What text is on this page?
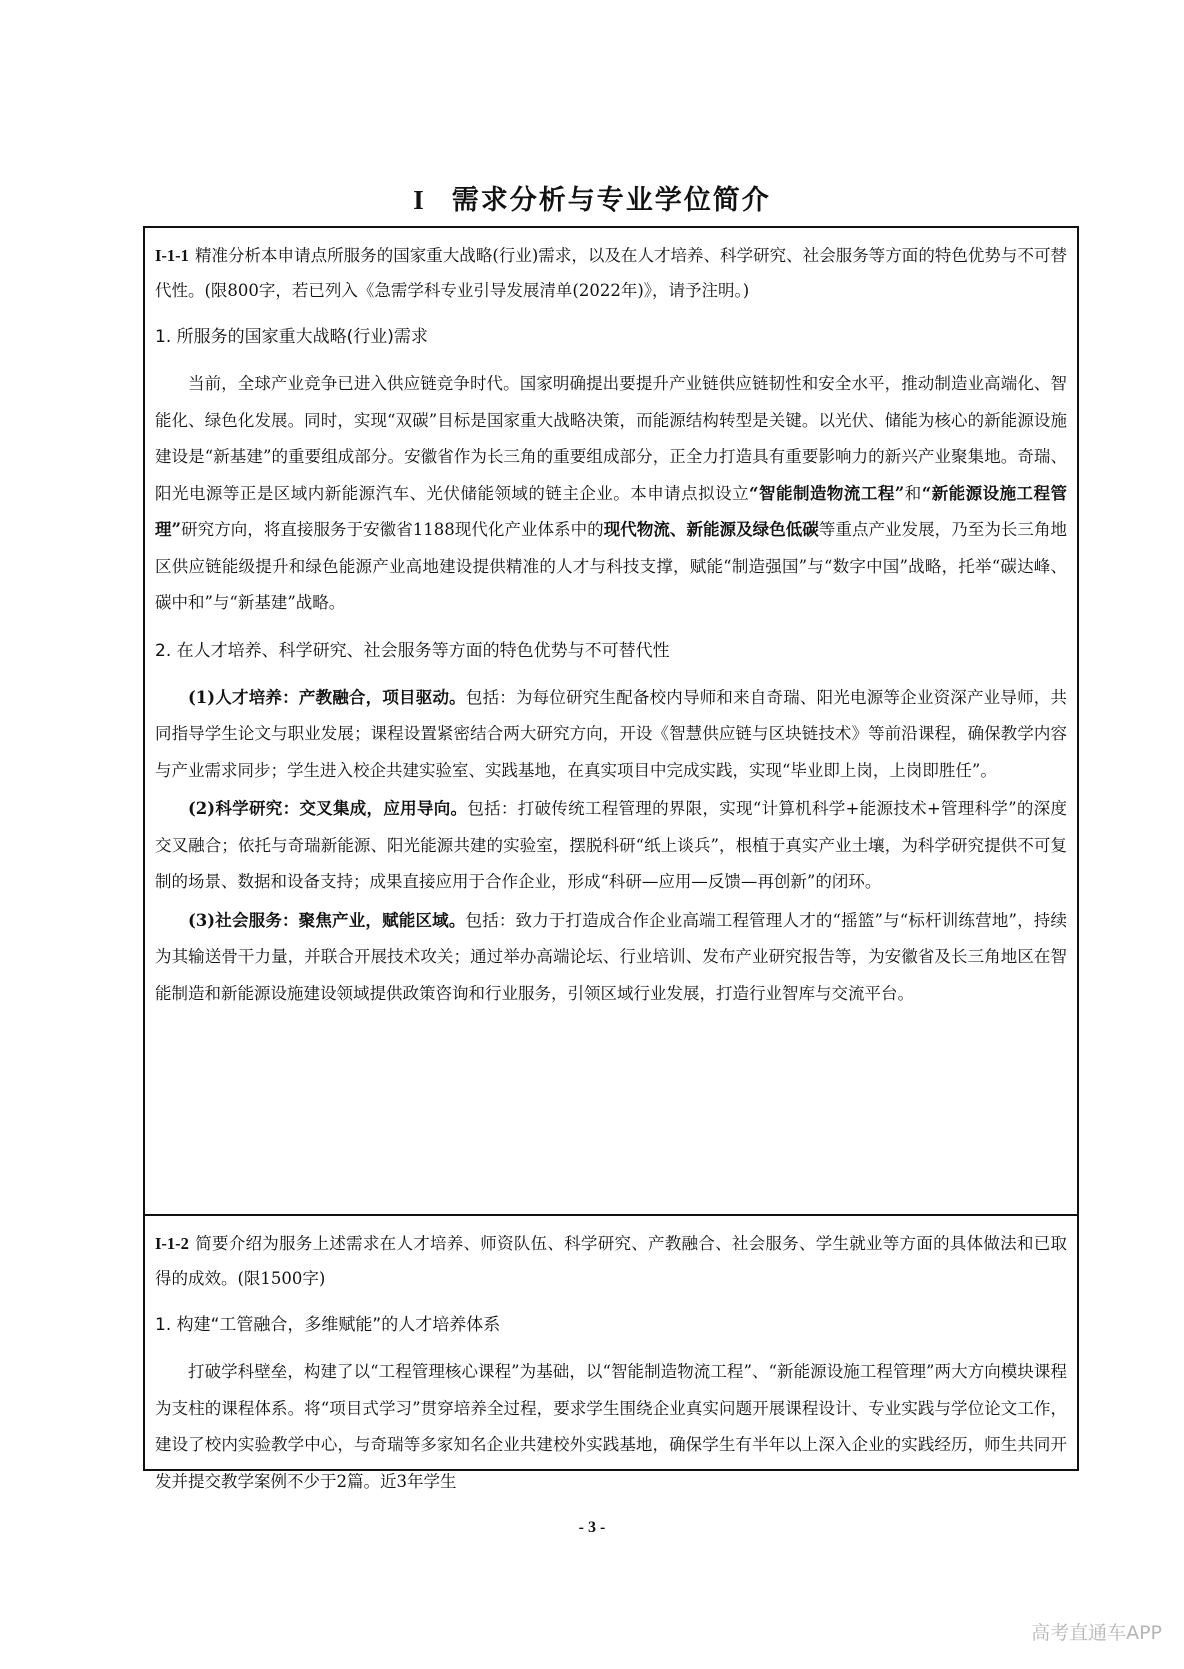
I 需求分析与专业学位简介

I-1-1 精准分析本申请点所服务的国家重大战略(行业)需求，以及在人才培养、科学研究、社会服务等方面的特色优势与不可替代性。(限800字，若已列入《急需学科专业引导发展清单(2022年)》，请予注明。)

1. 所服务的国家重大战略(行业)需求

当前，全球产业竞争已进入供应链竞争时代。国家明确提出要提升产业链供应链韧性和安全水平，推动制造业高端化、智能化、绿色化发展。同时，实现“双碳”目标是国家重大战略决策，而能源结构转型是关键。以光伏、储能为核心的新能源设施建设是“新基建”的重要组成部分。安徽省作为长三角的重要组成部分，正全力打造具有重要影响力的新兴产业聚集地。奇瑞、阳光电源等正是区域内新能源汽车、光伏储能领域的链主企业。本申请点拟设立“智能制造物流工程”和“新能源设施工程管理”研究方向，将直接服务于安徽省1188现代化产业体系中的现代物流、新能源及绿色低碳等重点产业发展，乃至为长三角地区供应链能级提升和绿色能源产业高地建设提供精准的人才与科技支撑，赋能“制造强国”与“数字中国”战略，托举“碳达峰、碳中和”与“新基建”战略。

2. 在人才培养、科学研究、社会服务等方面的特色优势与不可替代性

(1)人才培养：产教融合，项目驱动。包括：为每位研究生配备校内导师和来自奇瑞、阳光电源等企业资深产业导师，共同指导学生论文与职业发展；课程设置紧密结合两大研究方向，开设《智慧供应链与区块链技术》等前沿课程，确保教学内容与产业需求同步；学生进入校企共建实验室、实践基地，在真实项目中完成实践，实现“毕业即上岗，上岗即胜任”。

(2)科学研究：交叉集成，应用导向。包括：打破传统工程管理的界限，实现“计算机科学+能源技术+管理科学”的深度交叉融合；依托与奇瑞新能源、阳光能源共建的实验室，摆脱科研“纸上谈兵”，根植于真实产业土壤，为科学研究提供不可复制的场景、数据和设备支持；成果直接应用于合作企业，形成“科研—应用—反馈—再创新”的闭环。

(3)社会服务：聚焦产业，赋能区域。包括：致力于打造成合作企业高端工程管理人才的“摇篮”与“标杆训练营地”，持续为其输送骨干力量，并联合开展技术攻关；通过举办高端论坛、行业培训、发布产业研究报告等，为安徽省及长三角地区在智能制造和新能源设施建设领域提供政策咨询和行业服务，引领区域行业发展，打造行业智库与交流平台。

I-1-2 简要介绍为服务上述需求在人才培养、师资队伍、科学研究、产教融合、社会服务、学生就业等方面的具体做法和已取得的成效。(限1500字)

1. 构建“工管融合，多维赋能”的人才培养体系

打破学科壁垒，构建了以“工程管理核心课程”为基础，以“智能制造物流工程”、“新能源设施工程管理”两大方向模块课程为支柱的课程体系。将“项目式学习”贯穿培养全过程，要求学生围绕企业真实问题开展课程设计、专业实践与学位论文工作，建设了校内实验教学中心，与奇瑞等多家知名企业共建校外实践基地，确保学生有半年以上深入企业的实践经历，师生共同开发并提交教学案例不少于2篇。近3年学生

- 3 -
高考直通车APP
